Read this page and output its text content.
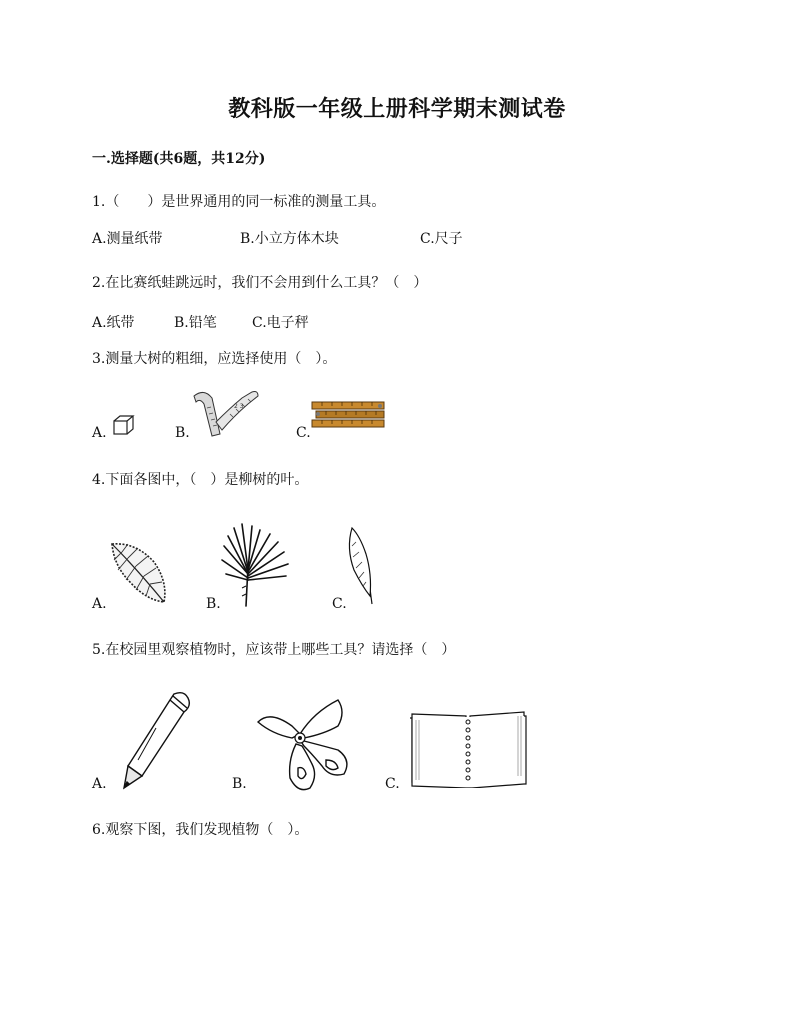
教科版一年级上册科学期末测试卷
一.选择题(共6题，共12分)
1.（　　）是世界通用的同一标准的测量工具。
A.测量纸带	B.小立方体木块	C.尺子
2.在比赛纸蛙跳远时，我们不会用到什么工具？（　）
A.纸带	B.铅笔	C.电子秤
3.测量大树的粗细，应选择使用（　）。
A.	B.
2 3
C.
4.下面各图中，（　）是柳树的叶。
A.	B.	C.
5.在校园里观察植物时，应该带上哪些工具？请选择（　）
A.	B.	C.
6.观察下图，我们发现植物（　）。
